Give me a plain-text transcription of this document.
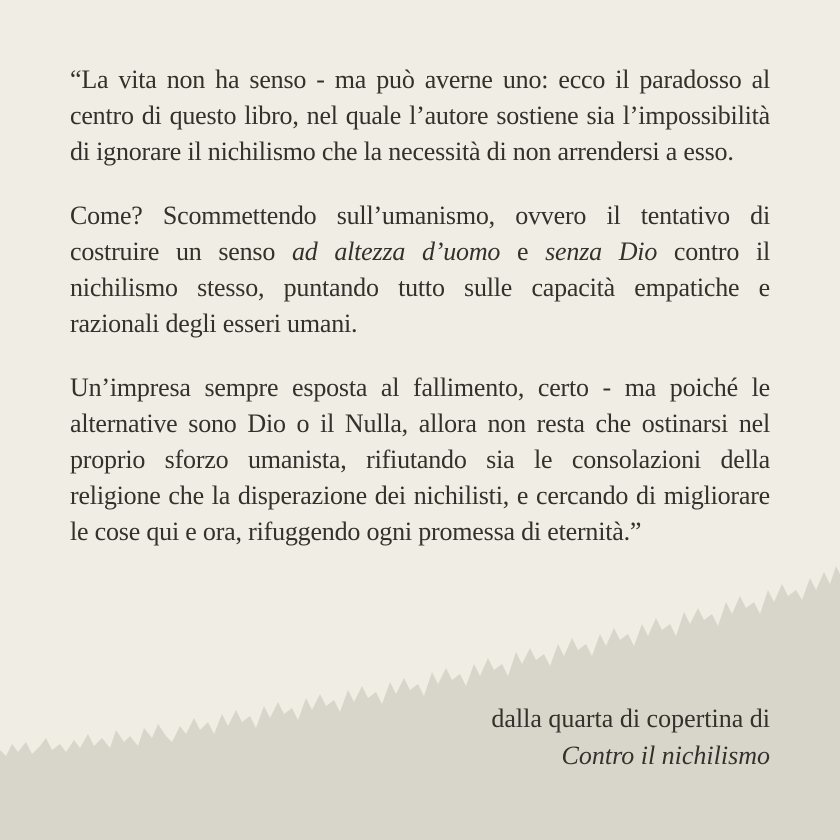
“La vita non ha senso - ma può averne uno: ecco il paradosso al centro di questo libro, nel quale l’autore sostiene sia l’impossibilità di ignorare il nichilismo che la necessità di non arrendersi a esso.

Come? Scommettendo sull’umanismo, ovvero il tentativo di costruire un senso ad altezza d’uomo e senza Dio contro il nichilismo stesso, puntando tutto sulle capacità empatiche e razionali degli esseri umani.

Un’impresa sempre esposta al fallimento, certo - ma poiché le alternative sono Dio o il Nulla, allora non resta che ostinarsi nel proprio sforzo umanista, rifiutando sia le consolazioni della religione che la disperazione dei nichilisti, e cercando di migliorare le cose qui e ora, rifuggendo ogni promessa di eternità.”

dalla quarta di copertina di
Contro il nichilismo
